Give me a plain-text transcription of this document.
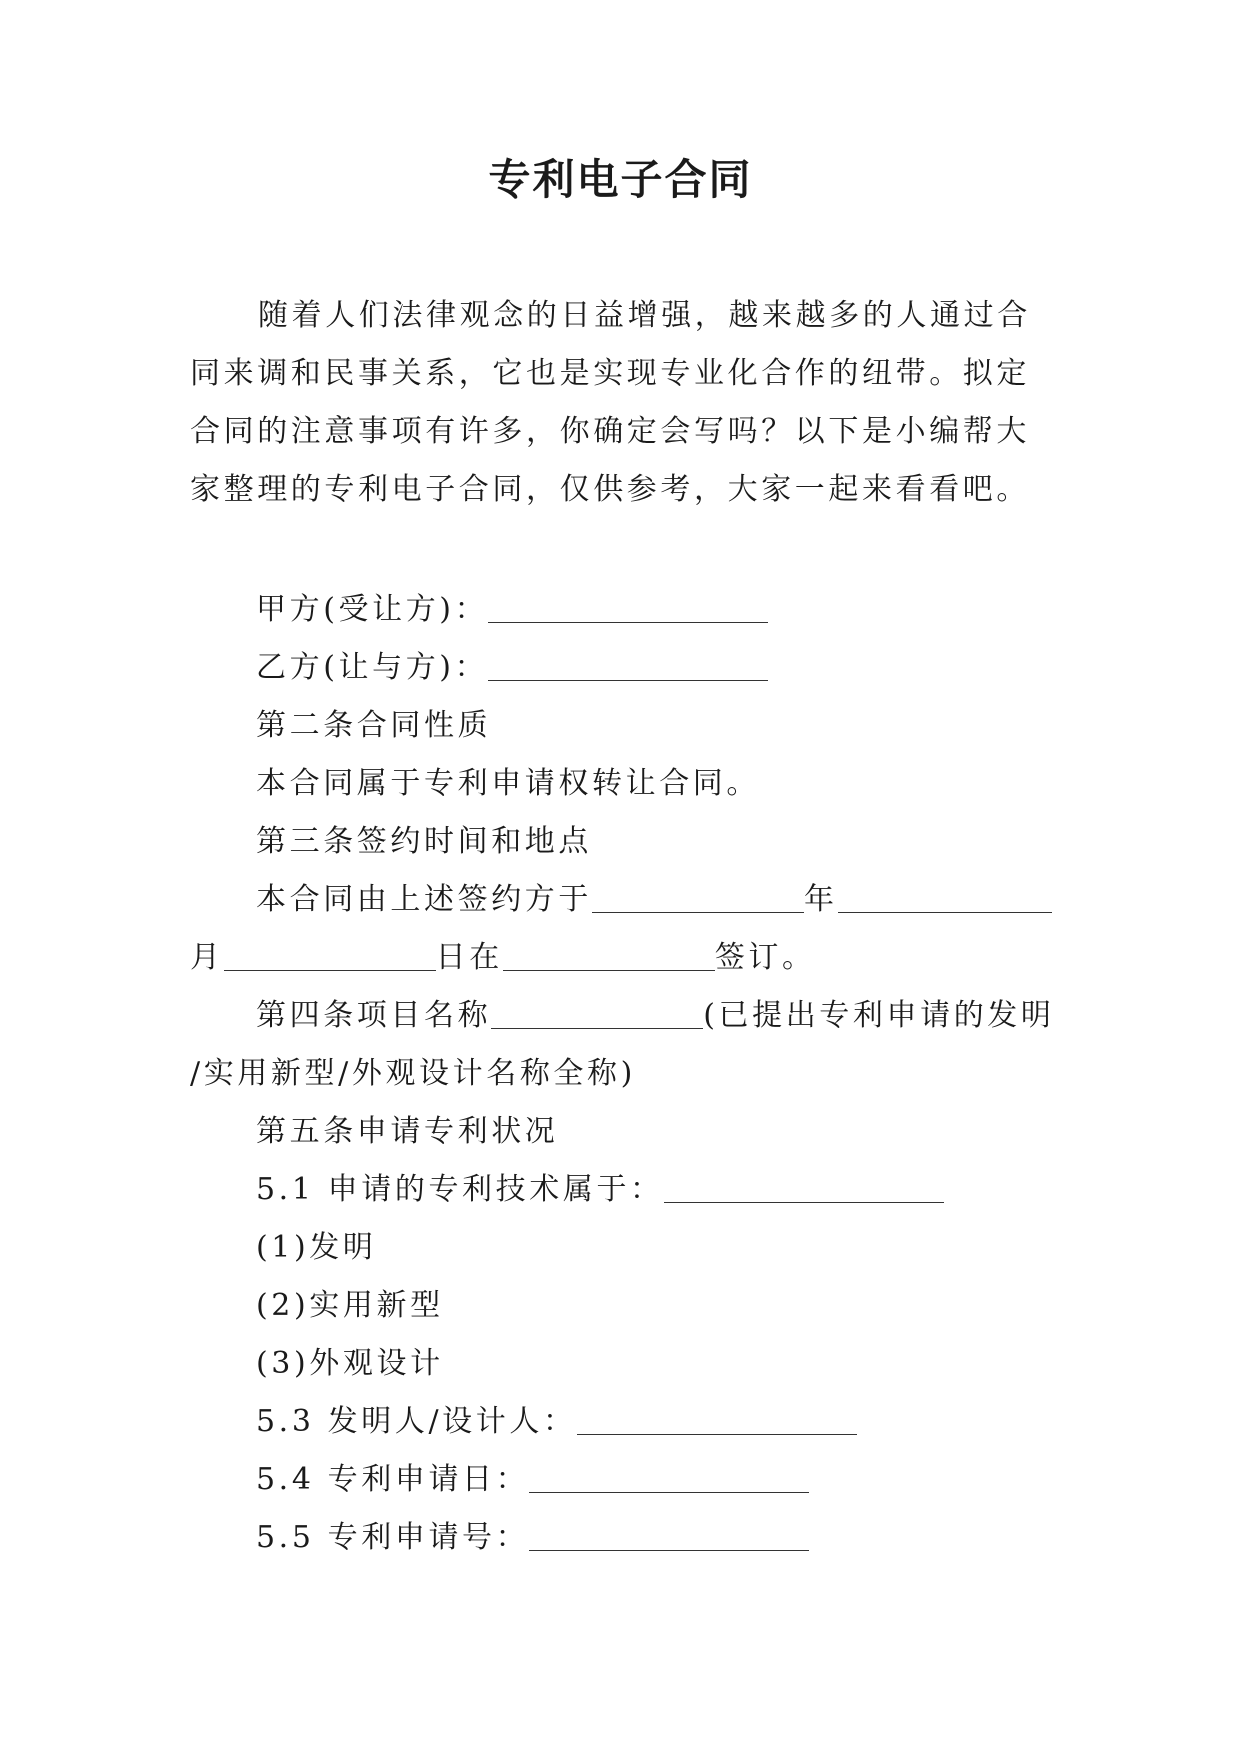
专利电子合同

随着人们法律观念的日益增强，越来越多的人通过合同来调和民事关系，它也是实现专业化合作的纽带。拟定合同的注意事项有许多，你确定会写吗？以下是小编帮大家整理的专利电子合同，仅供参考，大家一起来看看吧。

甲方(受让方)：

乙方(让与方)：

第二条合同性质

本合同属于专利申请权转让合同。

第三条签约时间和地点

本合同由上述签约方于	年

月	日在	签订。

第四条项目名称	(已提出专利申请的发明

/实用新型/外观设计名称全称)

第五条申请专利状况

5.1 申请的专利技术属于：

(1)发明

(2)实用新型

(3)外观设计

5.3 发明人/设计人：

5.4 专利申请日：

5.5 专利申请号：
